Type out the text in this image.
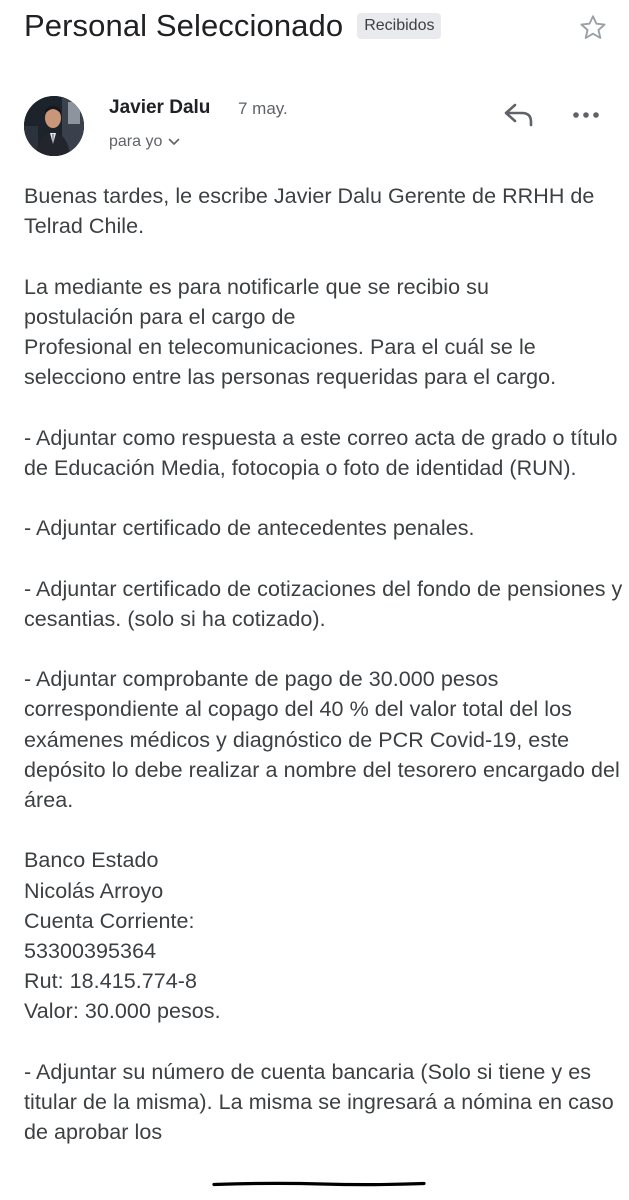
Personal Seleccionado	Recibidos
Javier Dalu 7 may.
para yo

Buenas tardes, le escribe Javier Dalu Gerente de RRHH de Telrad Chile.

La mediante es para notificarle que se recibio su
postulación para el cargo de
Profesional en telecomunicaciones. Para el cuál se le selecciono entre las personas requeridas para el cargo.

- Adjuntar como respuesta a este correo acta de grado o título de Educación Media, fotocopia o foto de identidad (RUN).

- Adjuntar certificado de antecedentes penales.

- Adjuntar certificado de cotizaciones del fondo de pensiones y cesantias. (solo si ha cotizado).

- Adjuntar comprobante de pago de 30.000 pesos correspondiente al copago del 40 % del valor total del los exámenes médicos y diagnóstico de PCR Covid-19, este depósito lo debe realizar a nombre del tesorero encargado del área.

Banco Estado
Nicolás Arroyo
Cuenta Corriente:
53300395364
Rut: 18.415.774-8
Valor: 30.000 pesos.

- Adjuntar su número de cuenta bancaria (Solo si tiene y es titular de la misma). La misma se ingresará a nómina en caso de aprobar los
